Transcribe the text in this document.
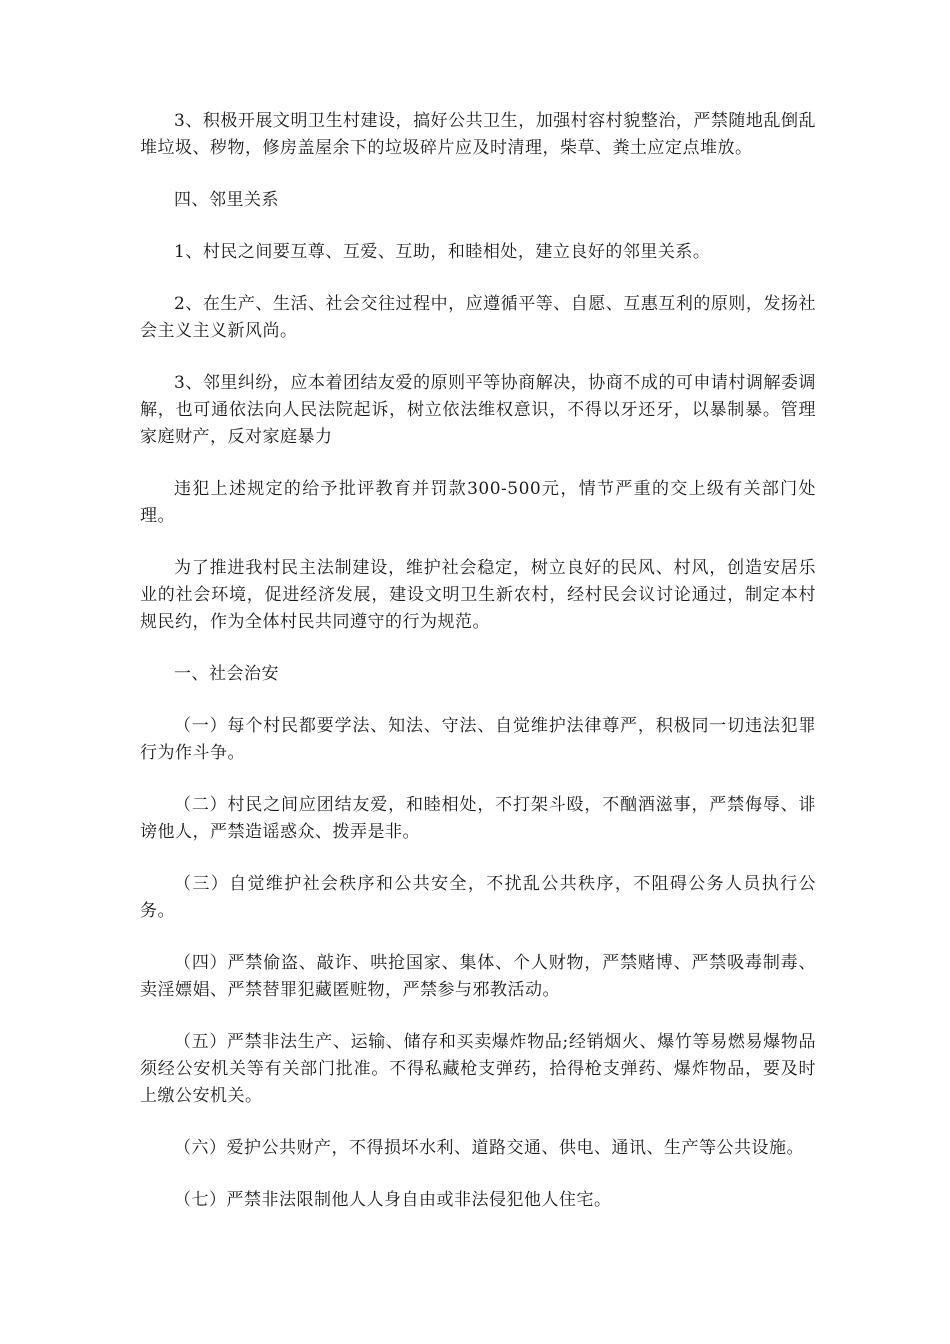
3、积极开展文明卫生村建设，搞好公共卫生，加强村容村貌整治，严禁随地乱倒乱堆垃圾、秽物，修房盖屋余下的垃圾碎片应及时清理，柴草、粪土应定点堆放。

四、邻里关系

1、村民之间要互尊、互爱、互助，和睦相处，建立良好的邻里关系。

2、在生产、生活、社会交往过程中，应遵循平等、自愿、互惠互利的原则，发扬社会主义主义新风尚。

3、邻里纠纷，应本着团结友爱的原则平等协商解决，协商不成的可申请村调解委调解，也可通依法向人民法院起诉，树立依法维权意识，不得以牙还牙，以暴制暴。管理家庭财产，反对家庭暴力

违犯上述规定的给予批评教育并罚款300-500元，情节严重的交上级有关部门处理。

为了推进我村民主法制建设，维护社会稳定，树立良好的民风、村风，创造安居乐业的社会环境，促进经济发展，建设文明卫生新农村，经村民会议讨论通过，制定本村规民约，作为全体村民共同遵守的行为规范。

一、社会治安

（一）每个村民都要学法、知法、守法、自觉维护法律尊严，积极同一切违法犯罪行为作斗争。

（二）村民之间应团结友爱，和睦相处，不打架斗殴，不酗酒滋事，严禁侮辱、诽谤他人，严禁造谣惑众、拨弄是非。

（三）自觉维护社会秩序和公共安全，不扰乱公共秩序，不阻碍公务人员执行公务。

（四）严禁偷盗、敲诈、哄抢国家、集体、个人财物，严禁赌博、严禁吸毒制毒、卖淫嫖娼、严禁替罪犯藏匿赃物，严禁参与邪教活动。

（五）严禁非法生产、运输、储存和买卖爆炸物品;经销烟火、爆竹等易燃易爆物品须经公安机关等有关部门批准。不得私藏枪支弹药，拾得枪支弹药、爆炸物品，要及时上缴公安机关。

（六）爱护公共财产，不得损坏水利、道路交通、供电、通讯、生产等公共设施。

（七）严禁非法限制他人人身自由或非法侵犯他人住宅。
